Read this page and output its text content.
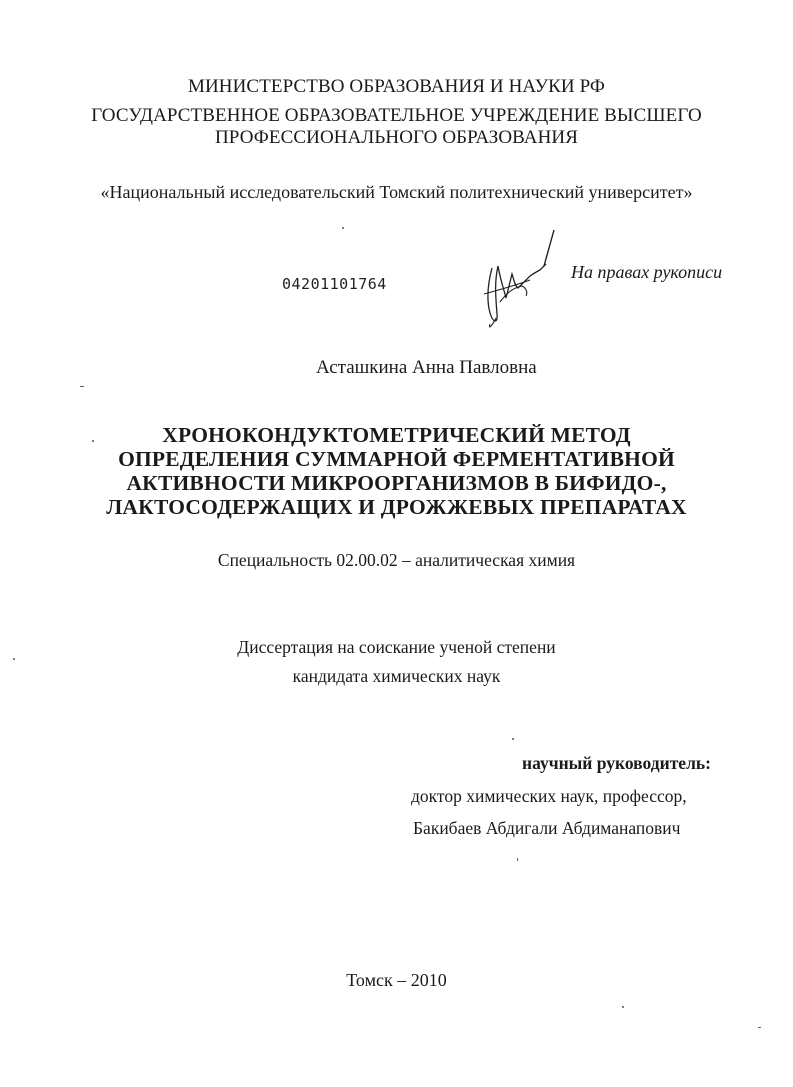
МИНИСТЕРСТВО ОБРАЗОВАНИЯ И НАУКИ РФ
ГОСУДАРСТВЕННОЕ ОБРАЗОВАТЕЛЬНОЕ УЧРЕЖДЕНИЕ ВЫСШЕГО
ПРОФЕССИОНАЛЬНОГО ОБРАЗОВАНИЯ
«Национальный исследовательский Томский политехнический университет»
04201101764
На правах рукописи
Асташкина Анна Павловна
ХРОНОКОНДУКТОМЕТРИЧЕСКИЙ МЕТОД
ОПРЕДЕЛЕНИЯ СУММАРНОЙ ФЕРМЕНТАТИВНОЙ
АКТИВНОСТИ МИКРООРГАНИЗМОВ В БИФИДО-,
ЛАКТОСОДЕРЖАЩИХ И ДРОЖЖЕВЫХ ПРЕПАРАТАХ
Специальность 02.00.02 – аналитическая химия
Диссертация на соискание ученой степени
кандидата химических наук
научный руководитель:
доктор химических наук, профессор,
Бакибаев Абдигали Абдиманапович
Томск – 2010
